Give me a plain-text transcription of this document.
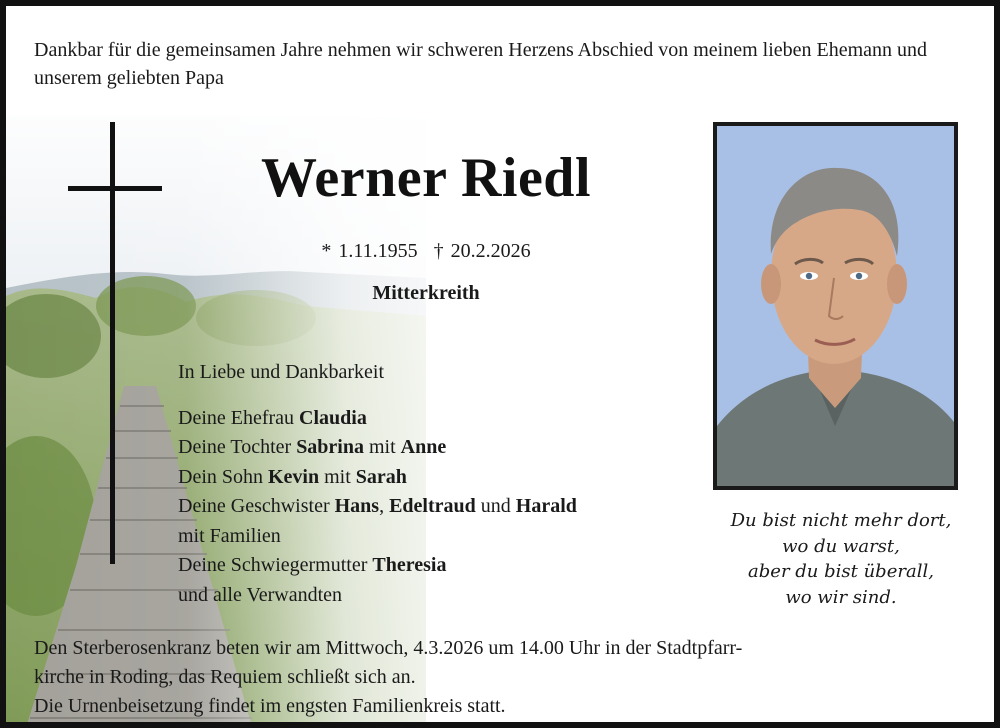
Dankbar für die gemeinsamen Jahre nehmen wir schweren Herzens Abschied von meinem lieben Ehemann und unserem geliebten Papa
Werner Riedl
* 1.11.1955 † 20.2.2026
Mitterkreith
In Liebe und Dankbarkeit
Deine Ehefrau Claudia
Deine Tochter Sabrina mit Anne
Dein Sohn Kevin mit Sarah
Deine Geschwister Hans, Edeltraud und Harald
mit Familien
Deine Schwiegermutter Theresia
und alle Verwandten
Du bist nicht mehr dort,
wo du warst,
aber du bist überall,
wo wir sind.
Den Sterberosenkranz beten wir am Mittwoch, 4.3.2026 um 14.00 Uhr in der Stadtpfarr-
kirche in Roding, das Requiem schließt sich an.
Die Urnenbeisetzung findet im engsten Familienkreis statt.
